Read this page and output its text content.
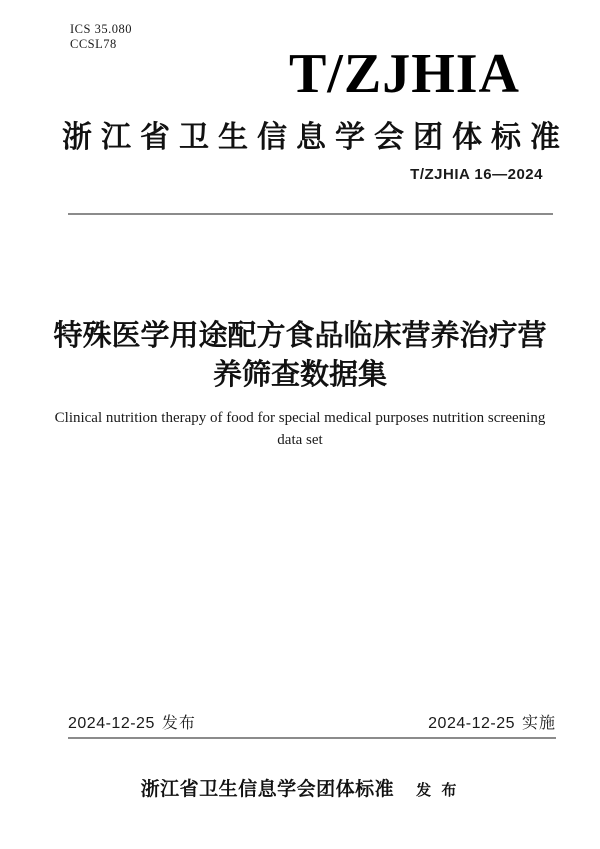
ICS 35.080
CCSL78	T/ZJHIA
浙 江 省 卫 生 信 息 学 会 团 体 标 准
T/ZJHIA 16—2024
特殊医学用途配方食品临床营养治疗营
养筛查数据集
Clinical nutrition therapy of food for special medical purposes nutrition screening
data set
2024-12-25 发布	2024-12-25 实施
浙江省卫生信息学会团体标准 发 布
